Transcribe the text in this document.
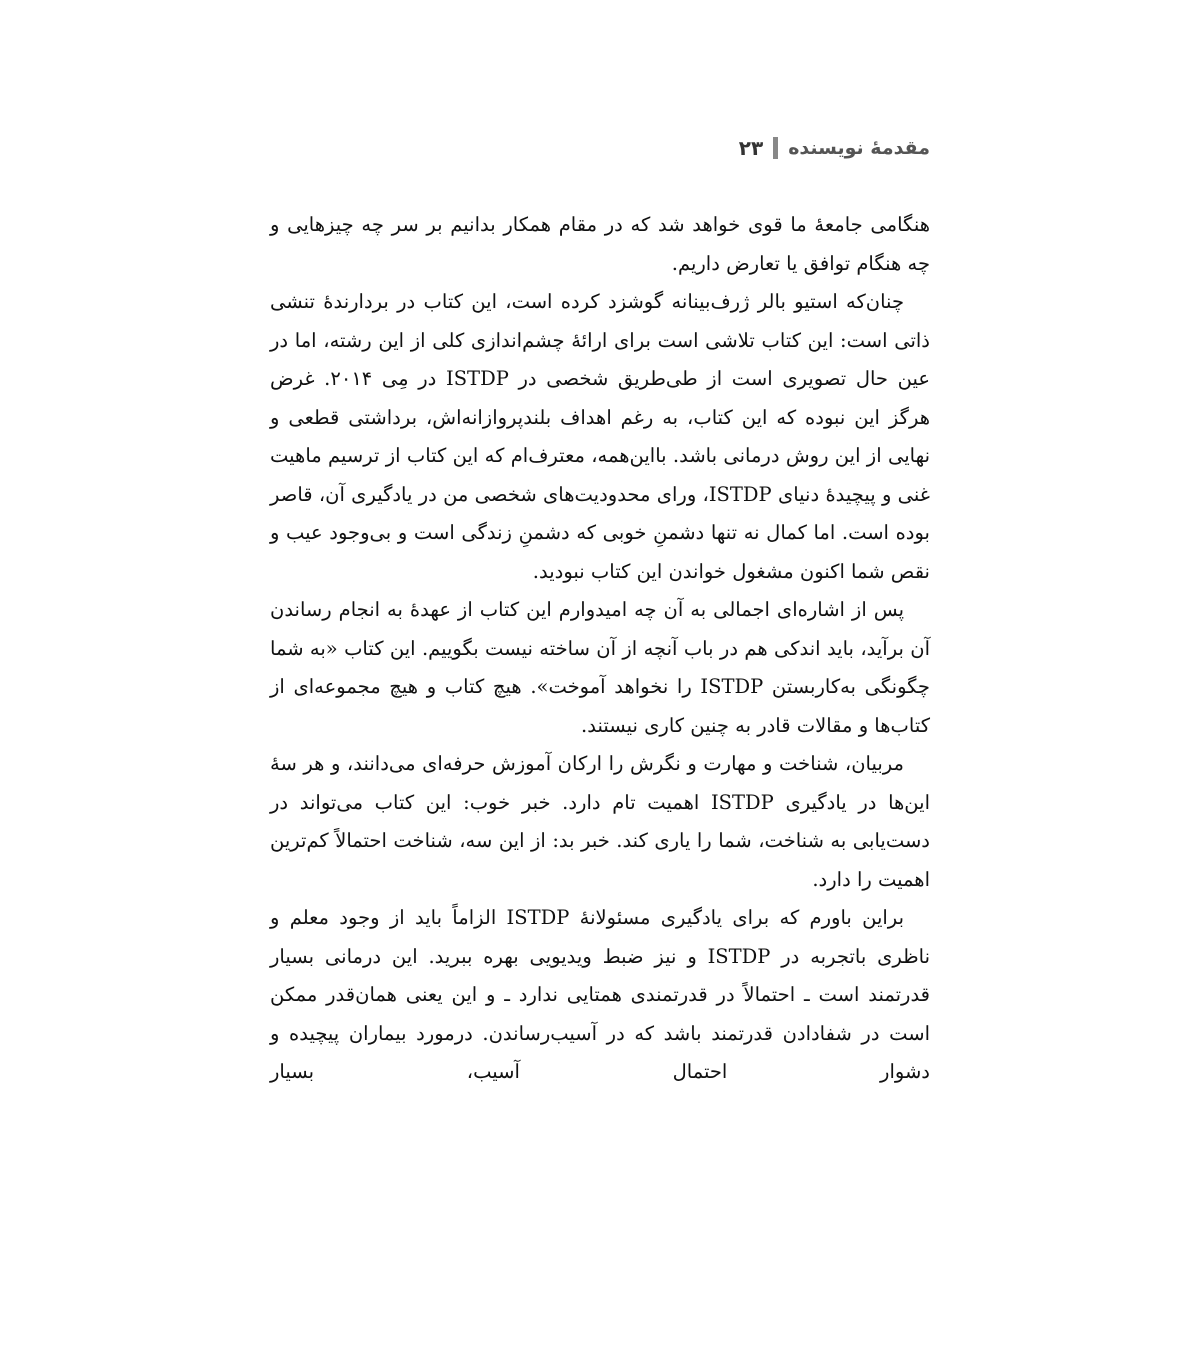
مقدمهٔ نویسنده
۲۳

هنگامی جامعهٔ ما قوی خواهد شد که در مقام همکار بدانیم بر سر چه چیزهایی و چه هنگام توافق یا تعارض داریم.

چنان‌که استیو بالر ژرف‌بینانه گوشزد کرده است، این کتاب در بردارندهٔ تنشی ذاتی است: این کتاب تلاشی است برای ارائهٔ چشم‌اندازی کلی از این رشته، اما در عین حال تصویری است از طی‌طریق شخصی در ISTDP در مِی ۲۰۱۴. غرض هرگز این نبوده که این کتاب، به رغم اهداف بلندپروازانه‌اش، برداشتی قطعی و نهایی از این روش درمانی باشد. بااین‌همه، معترف‌ام که این کتاب از ترسیم ماهیت غنی و پیچیدهٔ دنیای ISTDP، ورای محدودیت‌های شخصی من در یادگیری آن، قاصر بوده است. اما کمال نه تنها دشمنِ خوبی که دشمنِ زندگی است و بی‌وجود عیب و نقص شما اکنون مشغول خواندن این کتاب نبودید.

پس از اشاره‌ای اجمالی به آن چه امیدوارم این کتاب از عهدهٔ به انجام رساندن آن برآید، باید اندکی هم در باب آنچه از آن ساخته نیست بگوییم. این کتاب «به شما چگونگی به‌کاربستن ISTDP را نخواهد آموخت». هیچ کتاب و هیچ مجموعه‌ای از کتاب‌ها و مقالات قادر به چنین کاری نیستند.

مربیان، شناخت و مهارت و نگرش را ارکان آموزش حرفه‌ای می‌دانند، و هر سهٔ این‌ها در یادگیری ISTDP اهمیت تام دارد. خبر خوب: این کتاب می‌تواند در دست‌یابی به شناخت، شما را یاری کند. خبر بد: از این سه، شناخت احتمالاً کم‌ترین اهمیت را دارد.

براین باورم که برای یادگیری مسئولانهٔ ISTDP الزاماً باید از وجود معلم و ناظری باتجربه در ISTDP و نیز ضبط ویدیویی بهره ببرید. این درمانی بسیار قدرتمند است ـ احتمالاً در قدرتمندی همتایی ندارد ـ و این یعنی همان‌قدر ممکن است در شفادادن قدرتمند باشد که در آسیب‌رساندن. درمورد بیماران پیچیده و دشوار احتمال آسیب، بسیار
